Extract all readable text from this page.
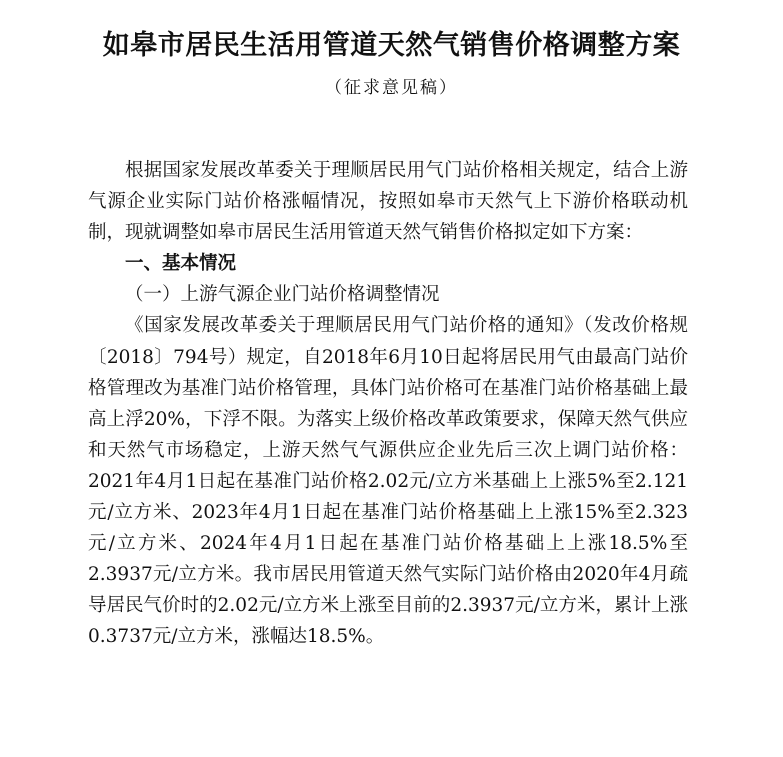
如皋市居民生活用管道天然气销售价格调整方案
（征求意见稿）

根据国家发展改革委关于理顺居民用气门站价格相关规定，结合上游气源企业实际门站价格涨幅情况，按照如皋市天然气上下游价格联动机制，现就调整如皋市居民生活用管道天然气销售价格拟定如下方案：

一、基本情况

（一）上游气源企业门站价格调整情况

《国家发展改革委关于理顺居民用气门站价格的通知》（发改价格规〔2018〕794号）规定，自2018年6月10日起将居民用气由最高门站价格管理改为基准门站价格管理，具体门站价格可在基准门站价格基础上最高上浮20%，下浮不限。为落实上级价格改革政策要求，保障天然气供应和天然气市场稳定，上游天然气气源供应企业先后三次上调门站价格：2021年4月1日起在基准门站价格2.02元/立方米基础上上涨5%至2.121元/立方米、2023年4月1日起在基准门站价格基础上上涨15%至2.323元/立方米、2024年4月1日起在基准门站价格基础上上涨18.5%至2.3937元/立方米。我市居民用管道天然气实际门站价格由2020年4月疏导居民气价时的2.02元/立方米上涨至目前的2.3937元/立方米，累计上涨0.3737元/立方米，涨幅达18.5%。
